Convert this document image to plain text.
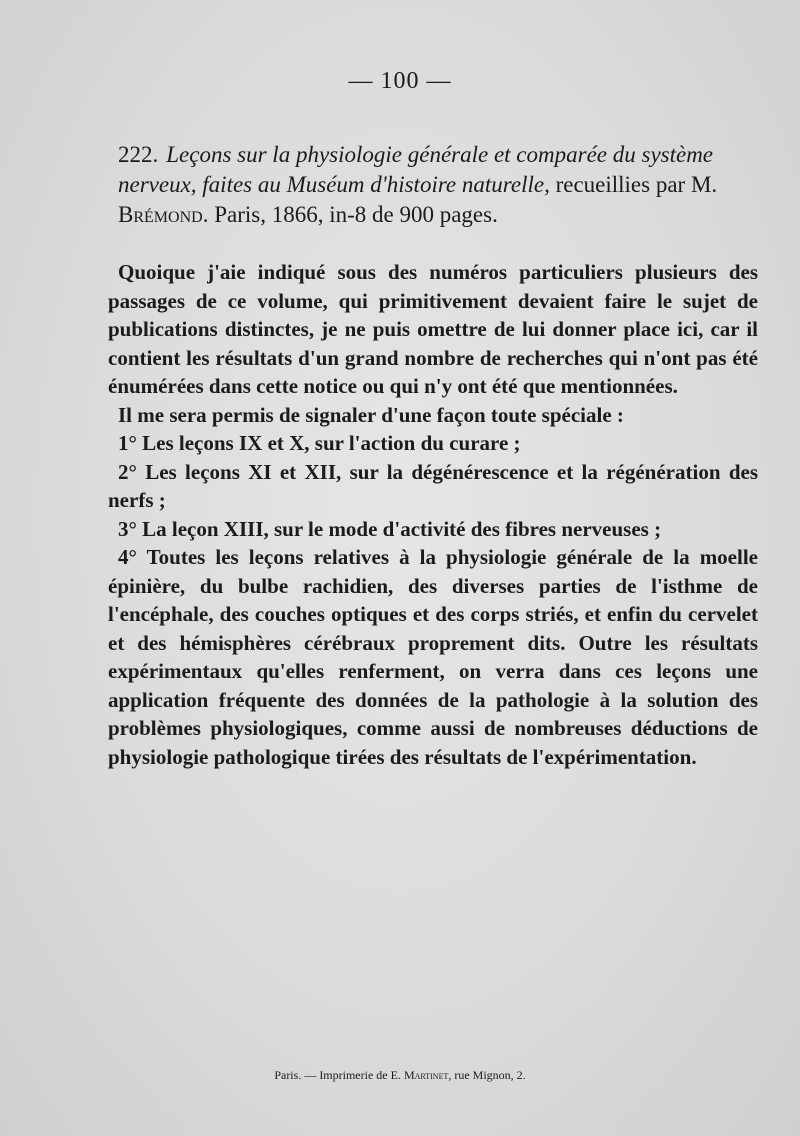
— 100 —
222. Leçons sur la physiologie générale et comparée du système nerveux, faites au Muséum d'histoire naturelle, recueillies par M. Brémond. Paris, 1866, in-8 de 900 pages.

Quoique j'aie indiqué sous des numéros particuliers plusieurs des passages de ce volume, qui primitivement devaient faire le sujet de publications distinctes, je ne puis omettre de lui donner place ici, car il contient les résultats d'un grand nombre de recherches qui n'ont pas été énumérées dans cette notice ou qui n'y ont été que mentionnées.

Il me sera permis de signaler d'une façon toute spéciale :

1° Les leçons IX et X, sur l'action du curare ;

2° Les leçons XI et XII, sur la dégénérescence et la régénération des nerfs ;

3° La leçon XIII, sur le mode d'activité des fibres nerveuses ;

4° Toutes les leçons relatives à la physiologie générale de la moelle épinière, du bulbe rachidien, des diverses parties de l'isthme de l'encéphale, des couches optiques et des corps striés, et enfin du cervelet et des hémisphères cérébraux proprement dits. Outre les résultats expérimentaux qu'elles renferment, on verra dans ces leçons une application fréquente des données de la pathologie à la solution des problèmes physiologiques, comme aussi de nombreuses déductions de physiologie pathologique tirées des résultats de l'expérimentation.

Paris. — Imprimerie de E. Martinet, rue Mignon, 2.
